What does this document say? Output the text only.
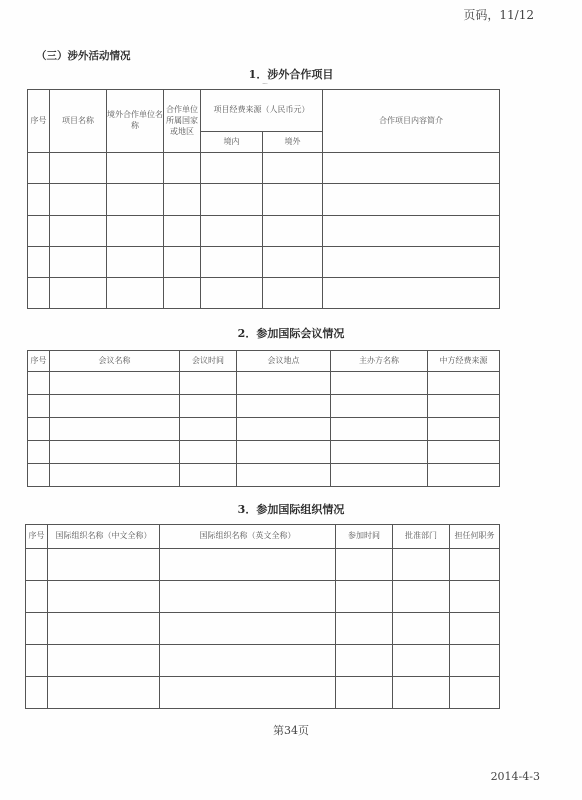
页码，11/12
（三）涉外活动情况
1．涉外合作项目
～
序号	项目名称	境外合作单位名称	合作单位所属国家或地区	项目经费来源（人民币元）		合作项目内容简介
				境内	境外	

2．参加国际会议情况
序号	会议名称	会议时间	会议地点	主办方名称	中方经费来源

3．参加国际组织情况
序号	国际组织名称（中文全称）	国际组织名称（英文全称）	参加时间	批准部门	担任何职务

第34页
2014-4-3
